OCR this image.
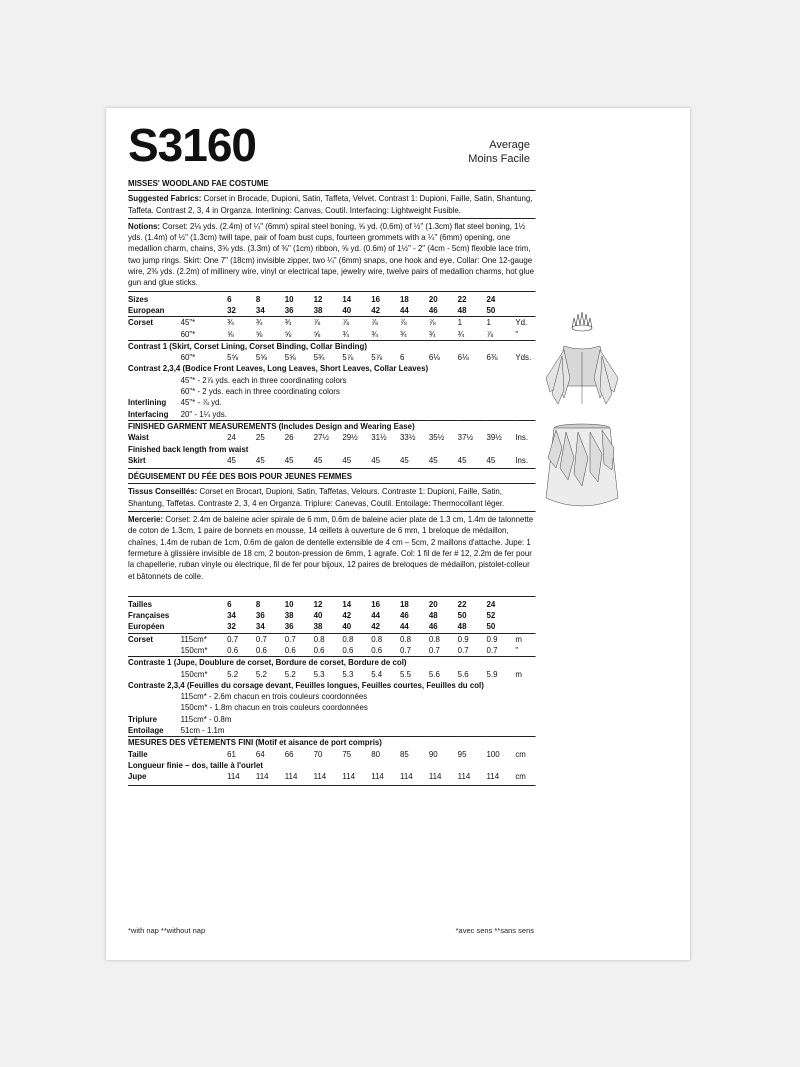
S3160	Average
Moins Facile
MISSES' WOODLAND FAE COSTUME
Suggested Fabrics: Corset in Brocade, Dupioni, Satin, Taffeta, Velvet. Contrast 1: Dupioni, Faille, Satin, Shantung, Taffeta. Contrast 2, 3, 4 in Organza. Interlining: Canvas, Coutil. Interfacing: Lightweight Fusible.
Notions: Corset: 2⅛ yds. (2.4m) of ¼" (6mm) spiral steel boning, ⅝ yd. (0.6m) of ½" (1.3cm) flat steel boning, 1½ yds. (1.4m) of ½" (1.3cm) twill tape, pair of foam bust cups, fourteen grommets with a ¼" (6mm) opening, one medallion charm, chains, 3⅝ yds. (3.3m) of ⅜" (1cm) ribbon, ⅝ yd. (0.6m) of 1½" - 2" (4cm - 5cm) flexible lace trim, two jump rings. Skirt: One 7" (18cm) invisible zipper, two ¼" (6mm) snaps, one hook and eye. Collar: One 12-gauge wire, 2⅜ yds. (2.2m) of millinery wire, vinyl or electrical tape, jewelry wire, twelve pairs of medallion charms, hot glue gun and glue sticks.
Sizes		6	8	10	12	14	16	18	20	22	24	
European		32	34	36	38	40	42	44	46	48	50	
Corset	45"*	¾	¾	¾	⅞	⅞	⅞	⅞	⅞	1	1	Yd.
	60"*	⅝	⅝	⅝	⅝	¾	¾	¾	¾	¾	⅞	"
Contrast 1 (Skirt, Corset Lining, Corset Binding, Collar Binding)												
	60"*	5⅝	5⅝	5⅝	5¾	5⅞	5⅞	6	6⅛	6⅛	6⅜	Yds.
Contrast 2,3,4 (Bodice Front Leaves, Long Leaves, Short Leaves, Collar Leaves)												
	45"* - 2⅞ yds. each in three coordinating colors											
	60"* - 2 yds. each in three coordinating colors											
Interlining	45"* - ⅞ yd.											
Interfacing	20" - 1¼ yds.											
FINISHED GARMENT MEASUREMENTS (Includes Design and Wearing Ease)												
Waist		24	25	26	27½	29½	31½	33½	35½	37½	39½	Ins.
Finished back length from waist												
Skirt		45	45	45	45	45	45	45	45	45	45	Ins.
DÉGUISEMENT DU FÉE DES BOIS POUR JEUNES FEMMES
Tissus Conseillés: Corset en Brocart, Dupioni, Satin, Taffetas, Velours. Contraste 1: Dupioni, Faille, Satin, Shantung, Taffetas. Contraste 2, 3, 4 en Organza. Triplure: Canevas, Coutil. Entoilage: Thermocollant léger.
Mercerie: Corset: 2.4m de baleine acier spirale de 6 mm, 0.6m de baleine acier plate de 1.3 cm, 1.4m de talonnette de coton de 1.3cm, 1 paire de bonnets en mousse, 14 œillets à ouverture de 6 mm, 1 breloque de médaillon, chaînes, 1.4m de ruban de 1cm, 0.6m de galon de dentelle extensible de 4 cm – 5cm, 2 maillons d'attache. Jupe: 1 fermeture à glissière invisible de 18 cm, 2 bouton-pression de 6mm, 1 agrafe. Col: 1 fil de fer # 12, 2.2m de fer pour la chapellerie, ruban vinyle ou électrique, fil de fer pour bijoux, 12 paires de breloques de médaillon, pistolet-colleur et bâtonnets de colle.
Tailles		6	8	10	12	14	16	18	20	22	24	
Françaises		34	36	38	40	42	44	46	48	50	52	
Européen		32	34	36	38	40	42	44	46	48	50	
Corset	115cm*	0.7	0.7	0.7	0.8	0.8	0.8	0.8	0.8	0.9	0.9	m
	150cm*	0.6	0.6	0.6	0.6	0.6	0.6	0.7	0.7	0.7	0.7	"
Contraste 1 (Jupe, Doublure de corset, Bordure de corset, Bordure de col)												
	150cm*	5.2	5.2	5.2	5.3	5.3	5.4	5.5	5.6	5.6	5.9	m
Contraste 2,3,4 (Feuilles du corsage devant, Feuilles longues, Feuilles courtes, Feuilles du col)												
	115cm* - 2.6m chacun en trois couleurs coordonnées											
	150cm* - 1.8m chacun en trois couleurs coordonnées											
Triplure	115cm* - 0.8m											
Entoilage	51cm - 1.1m											
MESURES DES VÊTEMENTS FINI (Motif et aisance de port compris)												
Taille		61	64	66	70	75	80	85	90	95	100	cm
Longueur finie – dos, taille à l'ourlet												
Jupe		114	114	114	114	114	114	114	114	114	114	cm
*with nap **without nap	*avec sens **sans sens
